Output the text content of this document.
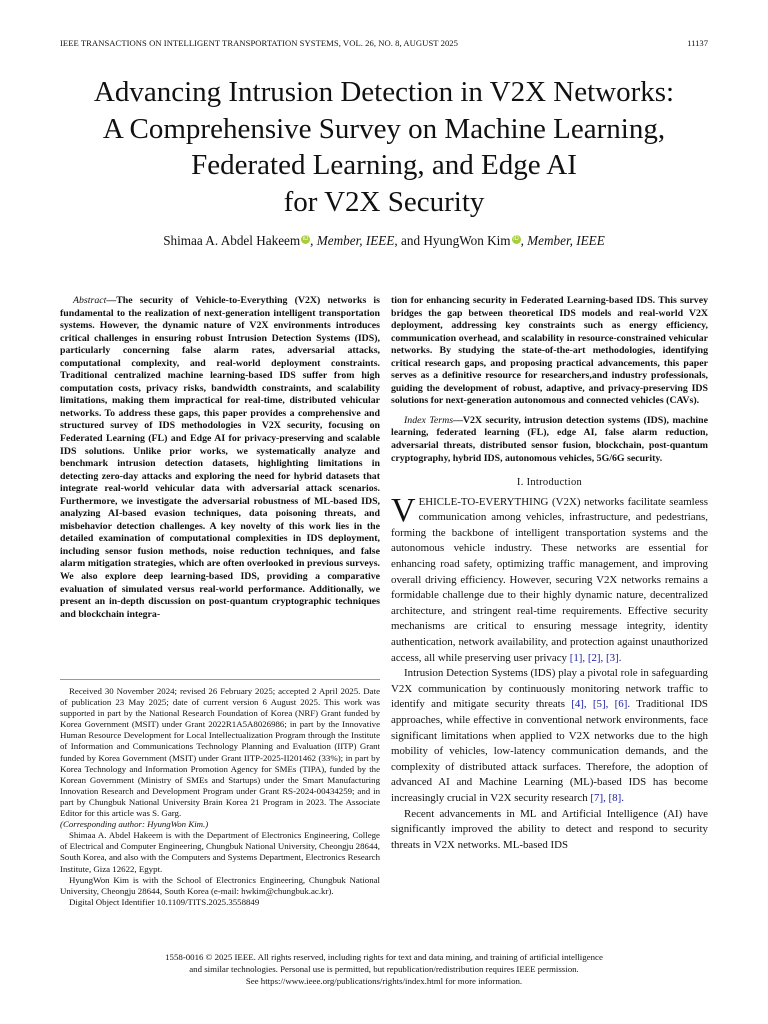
IEEE TRANSACTIONS ON INTELLIGENT TRANSPORTATION SYSTEMS, VOL. 26, NO. 8, AUGUST 2025	11137
Advancing Intrusion Detection in V2X Networks:
A Comprehensive Survey on Machine Learning,
Federated Learning, and Edge AI
for V2X Security
Shimaa A. Abdel Hakeem iD , Member, IEEE, and HyungWon Kim iD , Member, IEEE

Abstract—The security of Vehicle-to-Everything (V2X) networks is fundamental to the realization of next-generation intelligent transportation systems. However, the dynamic nature of V2X environments introduces critical challenges in ensuring robust Intrusion Detection Systems (IDS), particularly concerning false alarm rates, adversarial attacks, computational complexity, and real-world deployment constraints. Traditional centralized machine learning-based IDS suffer from high computation costs, privacy risks, bandwidth constraints, and scalability limitations, making them impractical for real-time, distributed vehicular networks. To address these gaps, this paper provides a comprehensive and structured survey of IDS methodologies in V2X security, focusing on Federated Learning (FL) and Edge AI for privacy-preserving and scalable IDS solutions. Unlike prior works, we systematically analyze and benchmark intrusion detection datasets, highlighting limitations in detecting zero-day attacks and exploring the need for hybrid datasets that integrate real-world vehicular data with adversarial attack scenarios. Furthermore, we investigate the adversarial robustness of ML-based IDS, analyzing AI-based evasion techniques, data poisoning threats, and misbehavior detection challenges. A key novelty of this work lies in the detailed examination of computational complexities in IDS deployment, including sensor fusion methods, noise reduction techniques, and false alarm mitigation strategies, which are often overlooked in previous surveys. We also explore deep learning-based IDS, providing a comparative evaluation of simulated versus real-world performance. Additionally, we present an in-depth discussion on post-quantum cryptographic techniques and blockchain integra-

Received 30 November 2024; revised 26 February 2025; accepted 2 April 2025. Date of publication 23 May 2025; date of current version 6 August 2025. This work was supported in part by the National Research Foundation of Korea (NRF) Grant funded by Korea Government (MSIT) under Grant 2022R1A5A8026986; in part by the Innovative Human Resource Development for Local Intellectualization Program through the Institute of Information and Communications Technology Planning and Evaluation (IITP) Grant funded by Korea Government (MSIT) under Grant IITP-2025-II201462 (33%); in part by Korea Technology and Information Promotion Agency for SMEs (TIPA), funded by the Korean Government (Ministry of SMEs and Startups) under the Smart Manufacturing Innovation Research and Development Program under Grant RS-2024-00434259; and in part by Chungbuk National University Brain Korea 21 Program in 2023. The Associate Editor for this article was S. Garg.

(Corresponding author: HyungWon Kim.)

Shimaa A. Abdel Hakeem is with the Department of Electronics Engineering, College of Electrical and Computer Engineering, Chungbuk National University, Cheongju 28644, South Korea, and also with the Computers and Systems Department, Electronics Research Institute, Giza 12622, Egypt.

HyungWon Kim is with the School of Electronics Engineering, Chungbuk National University, Cheongju 28644, South Korea (e-mail: hwkim@chungbuk.ac.kr).

Digital Object Identifier 10.1109/TITS.2025.3558849

tion for enhancing security in Federated Learning-based IDS. This survey bridges the gap between theoretical IDS models and real-world V2X deployment, addressing key constraints such as energy efficiency, communication overhead, and scalability in resource-constrained vehicular networks. By studying the state-of-the-art methodologies, identifying critical research gaps, and proposing practical advancements, this paper serves as a definitive resource for researchers,and industry professionals, guiding the development of robust, adaptive, and privacy-preserving IDS solutions for next-generation autonomous and connected vehicles (CAVs).

Index Terms—V2X security, intrusion detection systems (IDS), machine learning, federated learning (FL), edge AI, false alarm reduction, adversarial threats, distributed sensor fusion, blockchain, post-quantum cryptography, hybrid IDS, autonomous vehicles, 5G/6G security.

I. Introduction

VEHICLE-TO-EVERYTHING (V2X) networks facilitate seamless communication among vehicles, infrastructure, and pedestrians, forming the backbone of intelligent transportation systems and the autonomous vehicle industry. These networks are essential for enhancing road safety, optimizing traffic management, and improving overall driving efficiency. However, securing V2X networks remains a formidable challenge due to their highly dynamic nature, decentralized architecture, and stringent real-time requirements. Effective security mechanisms are critical to ensuring message integrity, identity authentication, network availability, and protection against unauthorized access, all while preserving user privacy [1], [2], [3].

Intrusion Detection Systems (IDS) play a pivotal role in safeguarding V2X communication by continuously monitoring network traffic to identify and mitigate security threats [4], [5], [6]. Traditional IDS approaches, while effective in conventional network environments, face significant limitations when applied to V2X networks due to the high mobility of vehicles, low-latency communication demands, and the complexity of distributed attack surfaces. Therefore, the adoption of advanced AI and Machine Learning (ML)-based IDS has become increasingly crucial in V2X security research [7], [8].

Recent advancements in ML and Artificial Intelligence (AI) have significantly improved the ability to detect and respond to security threats in V2X networks. ML-based IDS

1558-0016 © 2025 IEEE. All rights reserved, including rights for text and data mining, and training of artificial intelligence
and similar technologies. Personal use is permitted, but republication/redistribution requires IEEE permission.
See https://www.ieee.org/publications/rights/index.html for more information.
